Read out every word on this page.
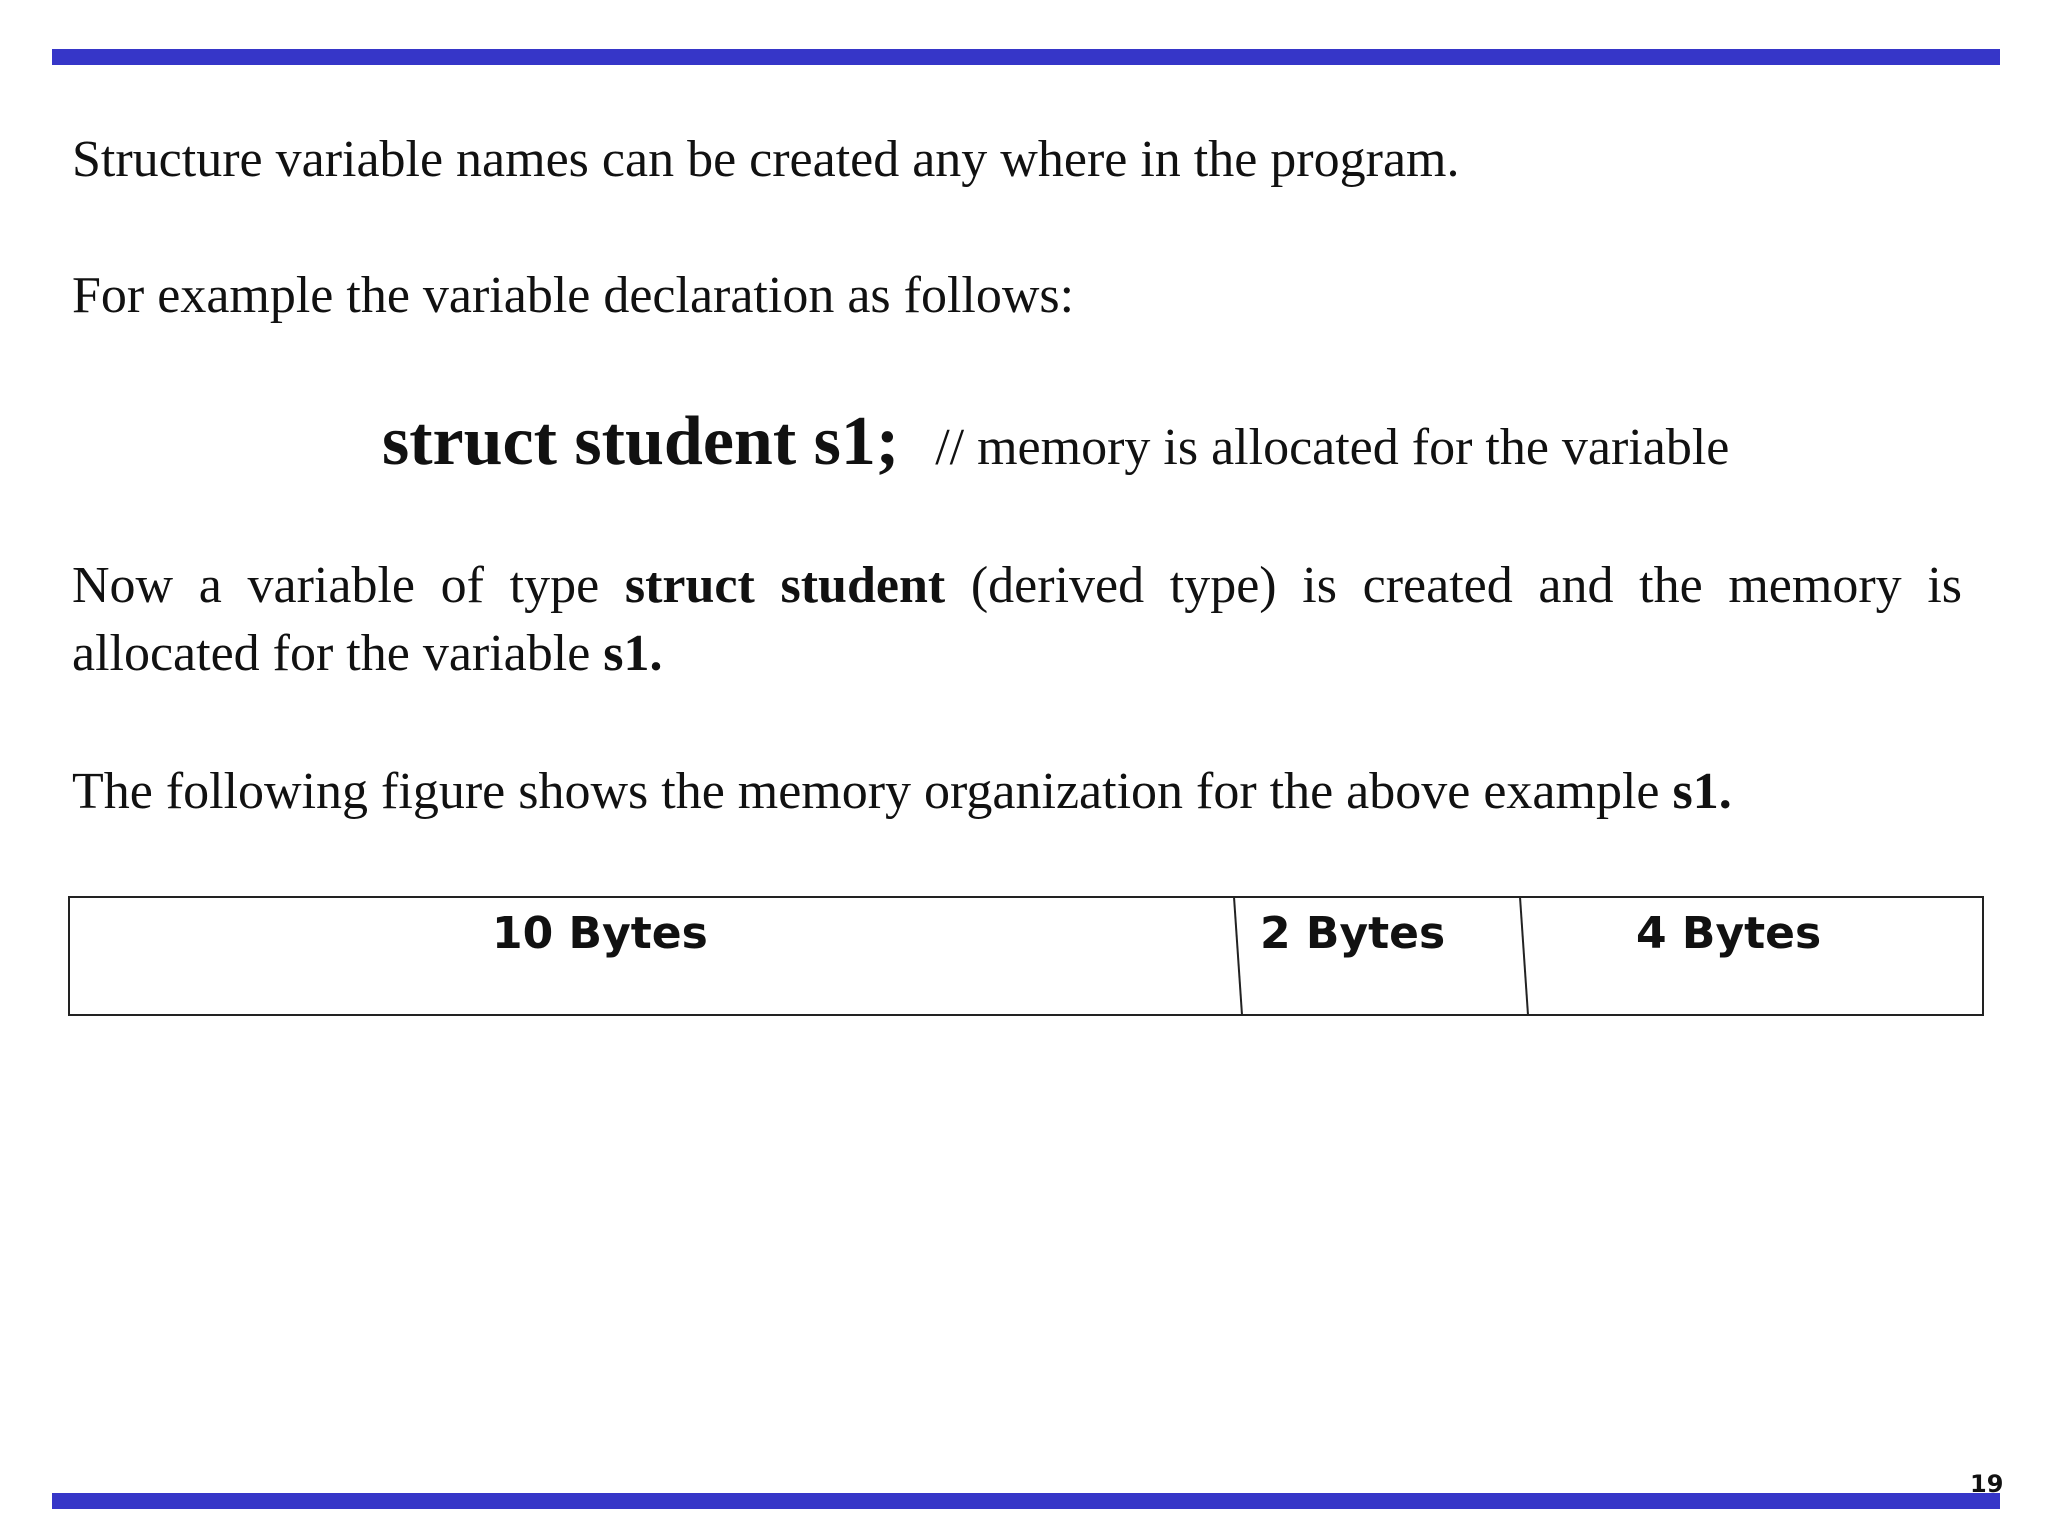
Structure variable names can be created any where in the program.

For example the variable declaration as follows:

struct student s1; // memory is allocated for the variable

Now a variable of type struct student (derived type) is created and the memory is allocated for the variable s1.

The following figure shows the memory organization for the above example s1.

10 Bytes	2 Bytes	4 Bytes
19
